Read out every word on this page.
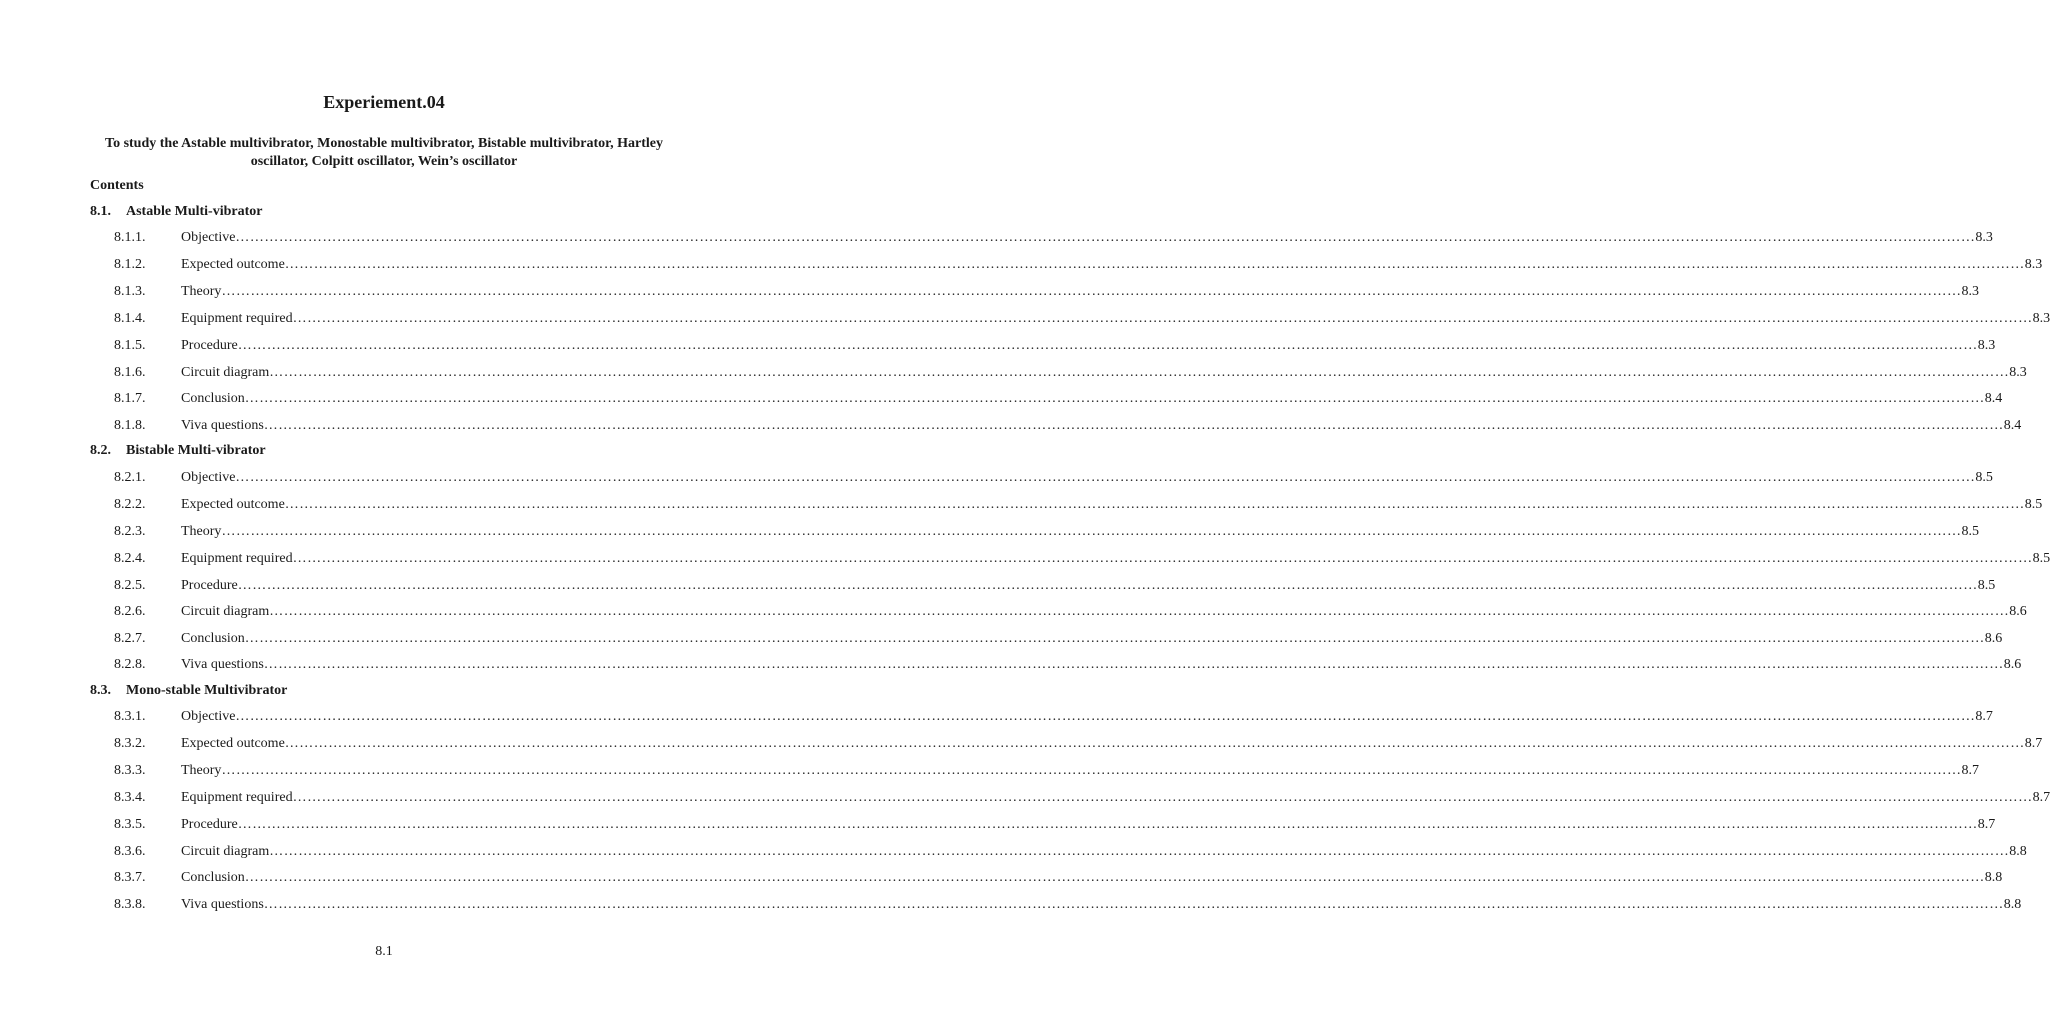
Experiement.04
To study the Astable multivibrator, Monostable multivibrator, Bistable multivibrator, Hartley oscillator, Colpitt oscillator, Wein’s oscillator
Contents
8.1. Astable Multi-vibrator
8.1.1.	Objective ……………………………………………………………………………………………………………………………………………………………………………………………………………………………………………………………………………………………………………………………… 8.3
8.1.2.	Expected outcome ……………………………………………………………………………………………………………………………………………………………………………………………………………………………………………………………………………………………………………………………… 8.3
8.1.3.	Theory ……………………………………………………………………………………………………………………………………………………………………………………………………………………………………………………………………………………………………………………………… 8.3
8.1.4.	Equipment required ……………………………………………………………………………………………………………………………………………………………………………………………………………………………………………………………………………………………………………………………… 8.3
8.1.5.	Procedure ……………………………………………………………………………………………………………………………………………………………………………………………………………………………………………………………………………………………………………………………… 8.3
8.1.6.	Circuit diagram ……………………………………………………………………………………………………………………………………………………………………………………………………………………………………………………………………………………………………………………………… 8.3
8.1.7.	Conclusion ……………………………………………………………………………………………………………………………………………………………………………………………………………………………………………………………………………………………………………………………… 8.4
8.1.8.	Viva questions ……………………………………………………………………………………………………………………………………………………………………………………………………………………………………………………………………………………………………………………………… 8.4
8.2. Bistable Multi-vibrator
8.2.1.	Objective ……………………………………………………………………………………………………………………………………………………………………………………………………………………………………………………………………………………………………………………………… 8.5
8.2.2.	Expected outcome ……………………………………………………………………………………………………………………………………………………………………………………………………………………………………………………………………………………………………………………………… 8.5
8.2.3.	Theory ……………………………………………………………………………………………………………………………………………………………………………………………………………………………………………………………………………………………………………………………… 8.5
8.2.4.	Equipment required ……………………………………………………………………………………………………………………………………………………………………………………………………………………………………………………………………………………………………………………………… 8.5
8.2.5.	Procedure ……………………………………………………………………………………………………………………………………………………………………………………………………………………………………………………………………………………………………………………………… 8.5
8.2.6.	Circuit diagram ……………………………………………………………………………………………………………………………………………………………………………………………………………………………………………………………………………………………………………………………… 8.6
8.2.7.	Conclusion ……………………………………………………………………………………………………………………………………………………………………………………………………………………………………………………………………………………………………………………………… 8.6
8.2.8.	Viva questions ……………………………………………………………………………………………………………………………………………………………………………………………………………………………………………………………………………………………………………………………… 8.6
8.3. Mono-stable Multivibrator
8.3.1.	Objective ……………………………………………………………………………………………………………………………………………………………………………………………………………………………………………………………………………………………………………………………… 8.7
8.3.2.	Expected outcome ……………………………………………………………………………………………………………………………………………………………………………………………………………………………………………………………………………………………………………………………… 8.7
8.3.3.	Theory ……………………………………………………………………………………………………………………………………………………………………………………………………………………………………………………………………………………………………………………………… 8.7
8.3.4.	Equipment required ……………………………………………………………………………………………………………………………………………………………………………………………………………………………………………………………………………………………………………………………… 8.7
8.3.5.	Procedure ……………………………………………………………………………………………………………………………………………………………………………………………………………………………………………………………………………………………………………………………… 8.7
8.3.6.	Circuit diagram ……………………………………………………………………………………………………………………………………………………………………………………………………………………………………………………………………………………………………………………………… 8.8
8.3.7.	Conclusion ……………………………………………………………………………………………………………………………………………………………………………………………………………………………………………………………………………………………………………………………… 8.8
8.3.8.	Viva questions ……………………………………………………………………………………………………………………………………………………………………………………………………………………………………………………………………………………………………………………………… 8.8
8.1
